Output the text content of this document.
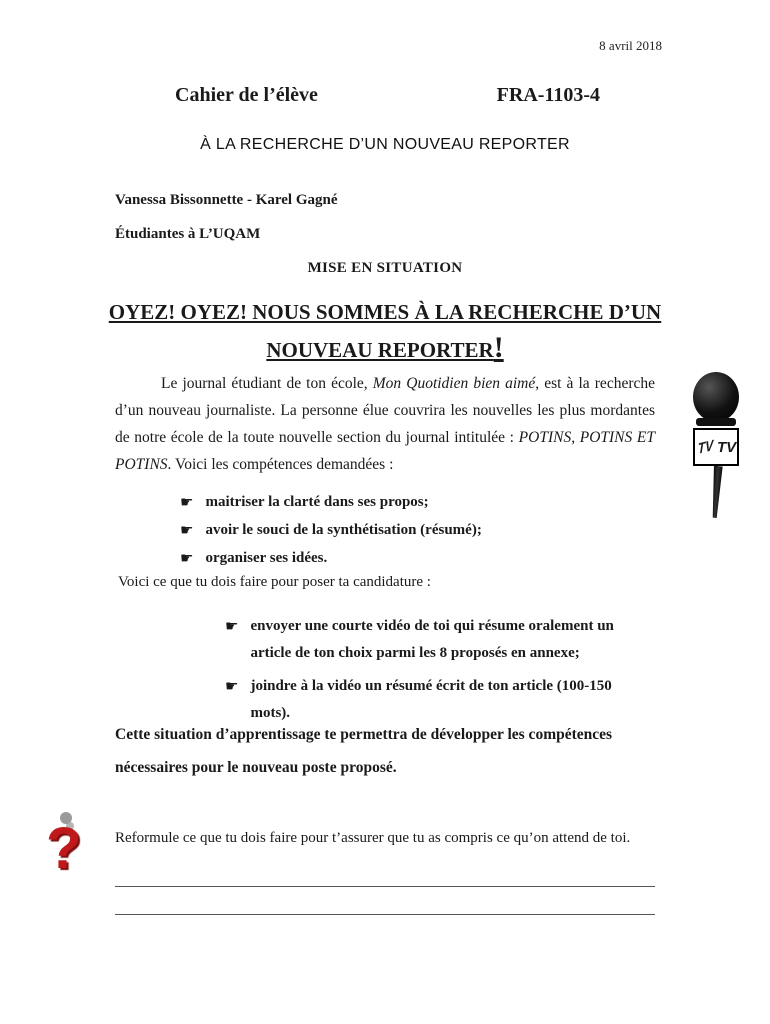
8 avril 2018
Cahier de l’élève	FRA-1103-4
À LA RECHERCHE D’UN NOUVEAU REPORTER
Vanessa Bissonnette - Karel Gagné
Étudiantes à L’UQAM
MISE EN SITUATION
OYEZ! OYEZ! NOUS SOMMES À LA RECHERCHE D’UN
NOUVEAU REPORTER!
Le journal étudiant de ton école, Mon Quotidien bien aimé, est à la recherche d’un nouveau journaliste. La personne élue couvrira les nouvelles les plus mordantes de notre école de la toute nouvelle section du journal intitulée : POTINS, POTINS ET POTINS. Voici les compétences demandées :
☛ maitriser la clarté dans ses propos;
☛ avoir le souci de la synthétisation (résumé);
☛ organiser ses idées.
Voici ce que tu dois faire pour poser ta candidature :
☛ envoyer une courte vidéo de toi qui résume oralement un article de ton choix parmi les 8 proposés en annexe;
☛ joindre à la vidéo un résumé écrit de ton article (100-150 mots).
Cette situation d’apprentissage te permettra de développer les compétences nécessaires pour le nouveau poste proposé.
Reformule ce que tu dois faire pour t’assurer que tu as compris ce qu’on attend de toi.
TV TV
?
